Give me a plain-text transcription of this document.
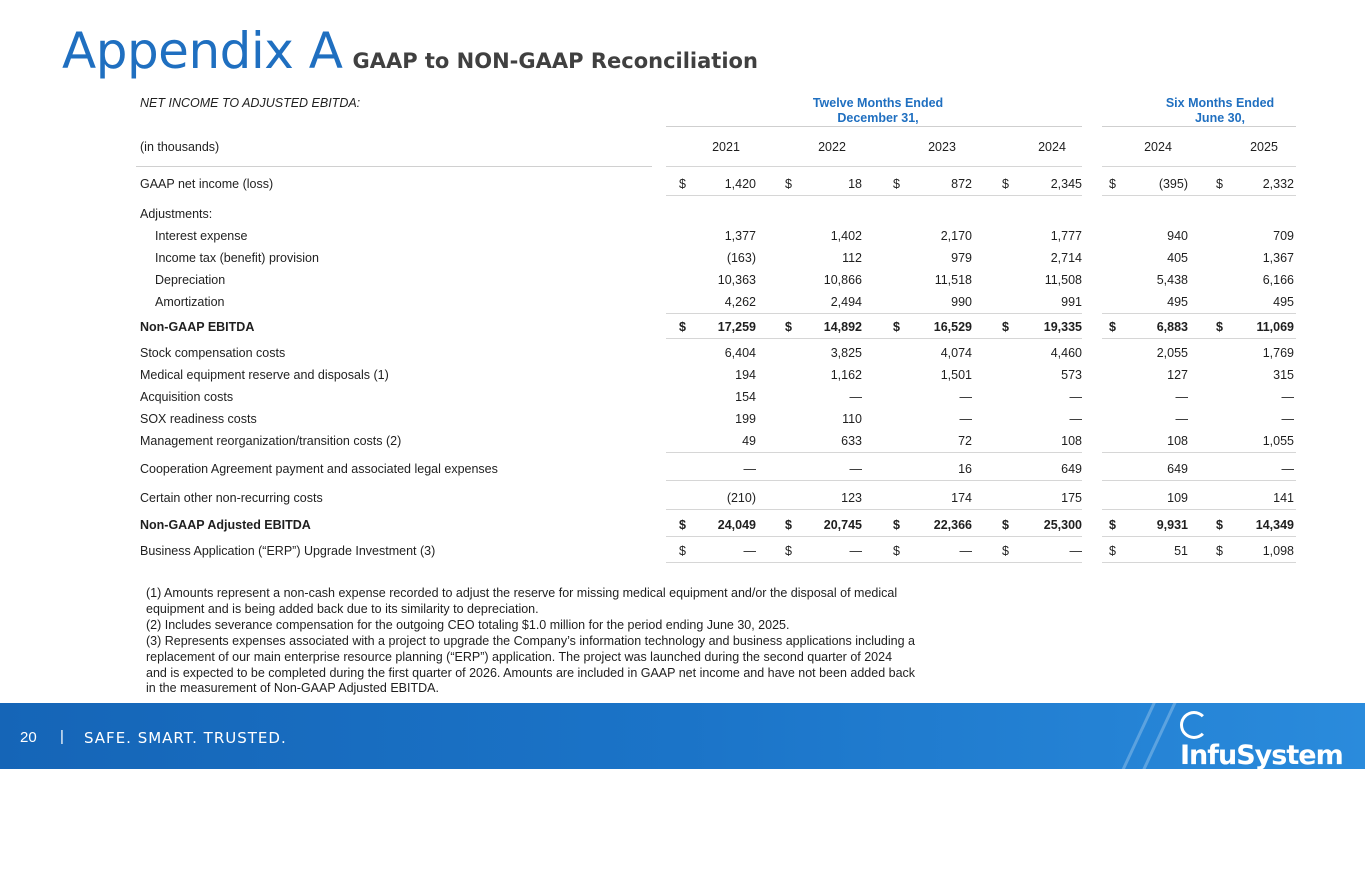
Appendix A GAAP to NON-GAAP Reconciliation
NET INCOME TO ADJUSTED EBITDA:	Twelve Months Ended
December 31,
Six Months Ended
June 30,
(in thousands)	2021	2022	2023	2024	2024	2025
GAAP net income (loss)	$	1,420 $	18 $	872 $	2,345 $	(395) $	2,332
Adjustments:
Interest expense	1,377	1,402	2,170	1,777	940	709
Income tax (benefit) provision	(163)	112	979	2,714	405	1,367
Depreciation	10,363	10,866	11,518	11,508	5,438	6,166
Amortization	4,262	2,494	990	991	495	495
Non-GAAP EBITDA	$	17,259 $	14,892 $	16,529 $	19,335 $	6,883 $	11,069
Stock compensation costs	6,404	3,825	4,074	4,460	2,055	1,769
Medical equipment reserve and disposals (1)	194	1,162	1,501	573	127	315
Acquisition costs	154	—	—	—	—	—
SOX readiness costs	199	110	—	—	—	—
Management reorganization/transition costs (2)	49	633	72	108	108	1,055
Cooperation Agreement payment and associated legal expenses	—	—	16	649	649	—
Certain other non-recurring costs	(210)	123	174	175	109	141
Non-GAAP Adjusted EBITDA	$	24,049 $	20,745 $	22,366 $	25,300 $	9,931 $	14,349
Business Application (“ERP”) Upgrade Investment (3)	$	— $	— $	— $	— $	51 $	1,098

(1) Amounts represent a non-cash expense recorded to adjust the reserve for missing medical equipment and/or the disposal of medical equipment and is being added back due to its similarity to depreciation.

(2) Includes severance compensation for the outgoing CEO totaling $1.0 million for the period ending June 30, 2025.

(3) Represents expenses associated with a project to upgrade the Company’s information technology and business applications including a replacement of our main enterprise resource planning (“ERP”) application. The project was launched during the second quarter of 2024 and is expected to be completed during the first quarter of 2026. Amounts are included in GAAP net income and have not been added back in the measurement of Non-GAAP Adjusted EBITDA.

20 | SAFE. SMART. TRUSTED.
InfuSystem
SAFE. SMART. TRUSTED.
